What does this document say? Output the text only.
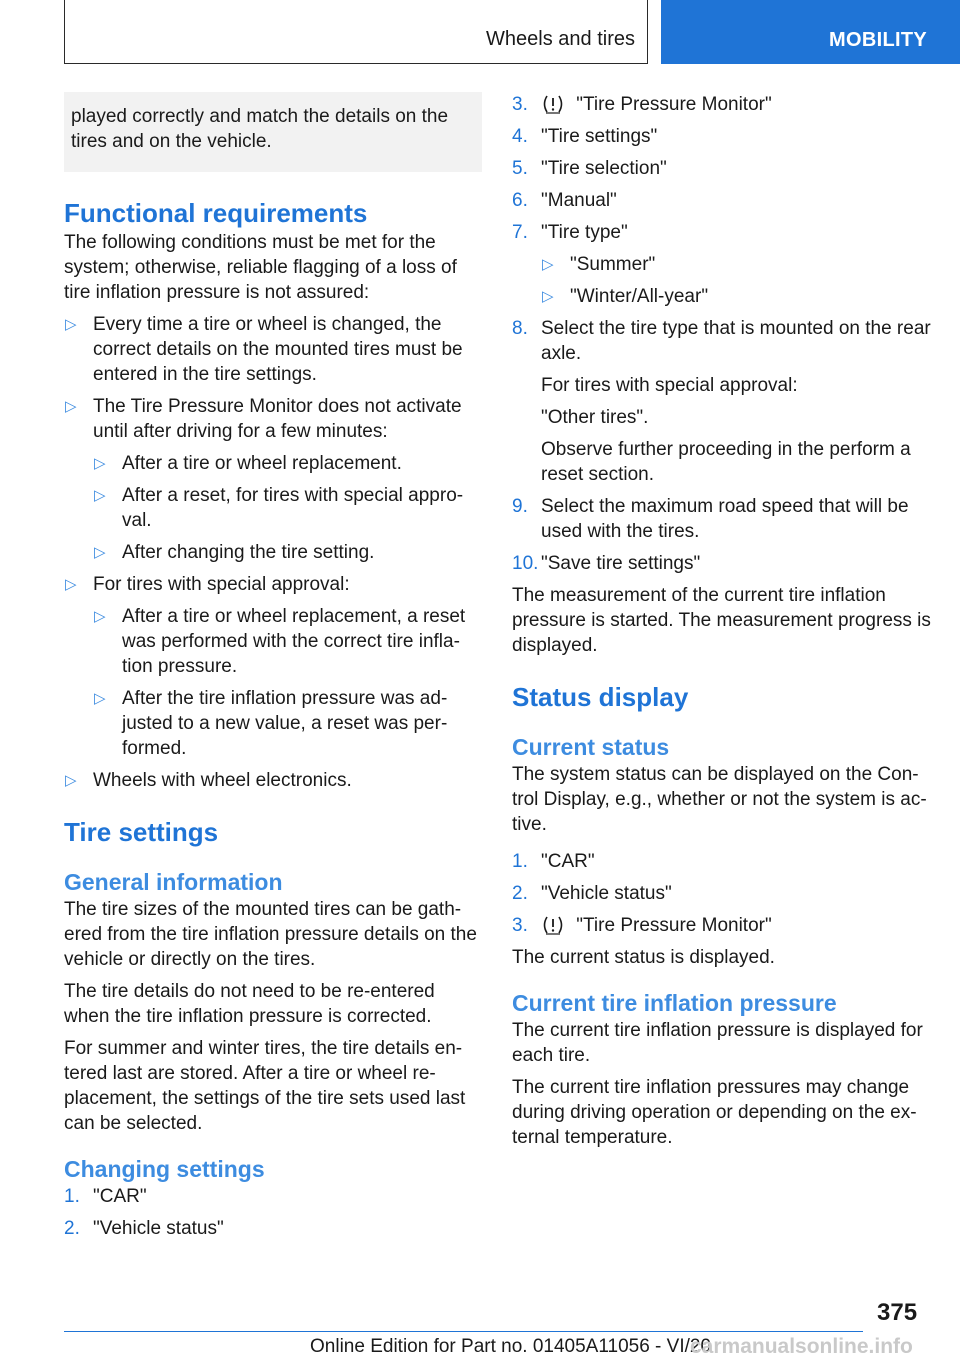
Wheels and tires	MOBILITY

played correctly and match the details on the tires and on the vehicle.

Functional requirements

The following conditions must be met for the system; otherwise, reliable flagging of a loss of tire inflation pressure is not assured:

▷ Every time a tire or wheel is changed, the correct details on the mounted tires must be entered in the tire settings.
▷ The Tire Pressure Monitor does not activate until after driving for a few minutes:
▷ After a tire or wheel replacement.
▷ After a reset, for tires with special approval.
▷ After changing the tire setting.
▷ For tires with special approval:
▷ After a tire or wheel replacement, a reset was performed with the correct tire inflation pressure.
▷ After the tire inflation pressure was adjusted to a new value, a reset was performed.
▷ Wheels with wheel electronics.
Tire settings
General information

The tire sizes of the mounted tires can be gathered from the tire inflation pressure details on the vehicle or directly on the tires.

The tire details do not need to be re-entered when the tire inflation pressure is corrected.

For summer and winter tires, the tire details entered last are stored. After a tire or wheel replacement, the settings of the tire sets used last can be selected.

Changing settings
1. "CAR"
2. "Vehicle status"
3.	"Tire Pressure Monitor"
4. "Tire settings"
5. "Tire selection"
6. "Manual"
7. "Tire type"
▷ "Summer"
▷ "Winter/All-year"
8. Select the tire type that is mounted on the rear axle.

For tires with special approval:

"Other tires".

Observe further proceeding in the perform a reset section.

9. Select the maximum road speed that will be used with the tires.
10. "Save tire settings"

The measurement of the current tire inflation pressure is started. The measurement progress is displayed.

Status display
Current status

The system status can be displayed on the Control Display, e.g., whether or not the system is active.

1. "CAR"
2. "Vehicle status"
3.	"Tire Pressure Monitor"

The current status is displayed.

Current tire inflation pressure

The current tire inflation pressure is displayed for each tire.

The current tire inflation pressures may change during driving operation or depending on the external temperature.

375
Online Edition for Part no. 01405A11056 - VI/20
carmanualsonline.info
